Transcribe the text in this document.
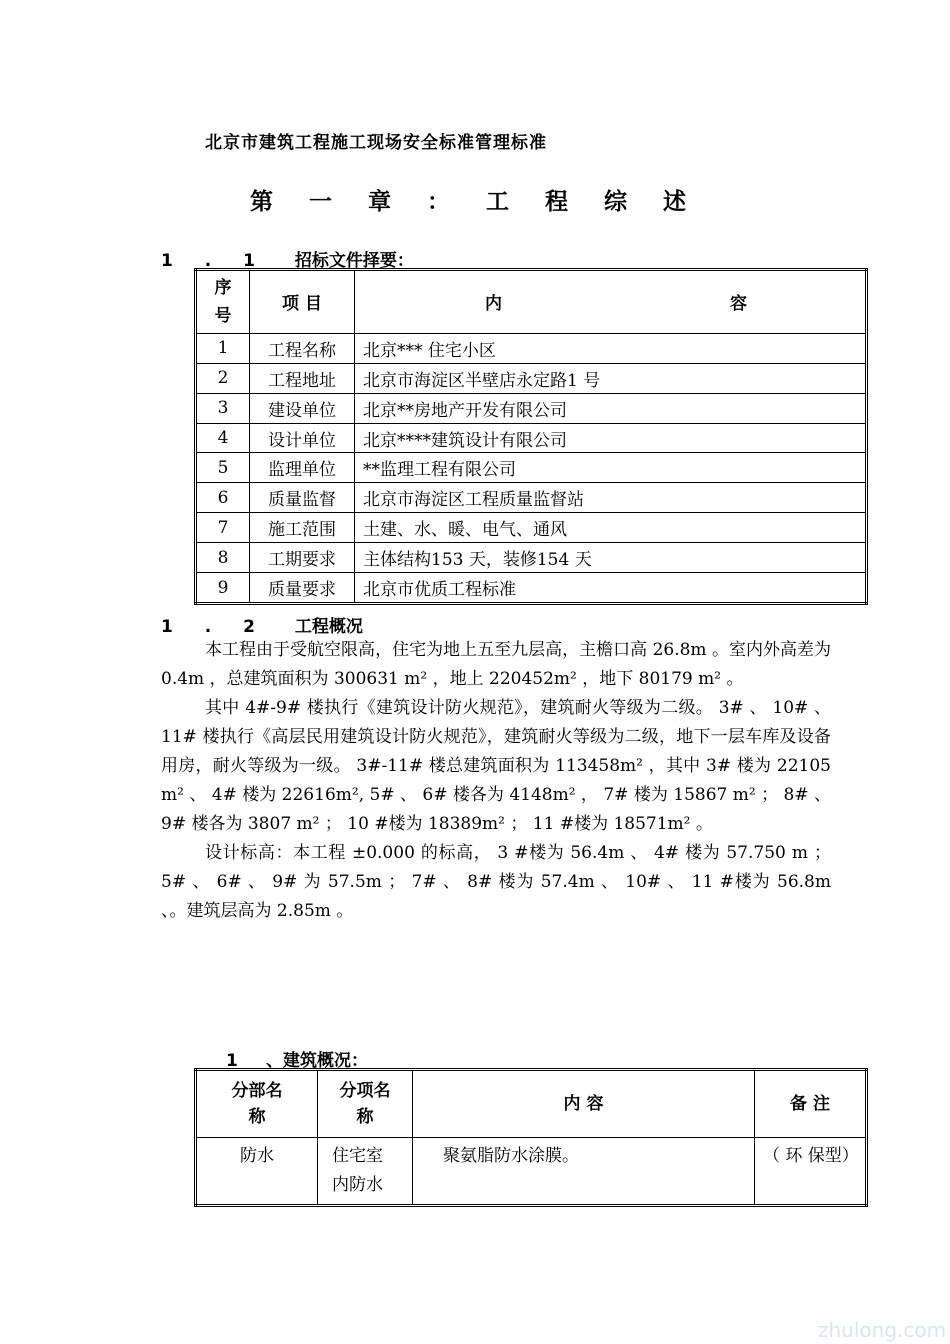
北京市建筑工程施工现场安全标准管理标准
第 一 章 ： 工 程 综 述
1 . 1 招标文件择要：
序号	项 目	内 容

1	工程名称	北京*** 住宅小区
2	工程地址	北京市海淀区半壁店永定路1 号
3	建设单位	北京**房地产开发有限公司
4	设计单位	北京****建筑设计有限公司
5	监理单位	**监理工程有限公司
6	质量监督	北京市海淀区工程质量监督站
7	施工范围	土建、水、暖、电气、通风
8	工期要求	主体结构153 天，装修154 天
9	质量要求	北京市优质工程标准
1 . 2 工程概况

本工程由于受航空限高，住宅为地上五至九层高，主檐口高 26.8m 。室内外高差为 0.4m ，总建筑面积为 300631 m² ，地上 220452m² ，地下 80179 m² 。

其中 4#-9# 楼执行《建筑设计防火规范》，建筑耐火等级为二级。 3# 、 10# 、 11# 楼执行《高层民用建筑设计防火规范》，建筑耐火等级为二级，地下一层车库及设备用房，耐火等级为一级。 3#-11# 楼总建筑面积为 113458m² ，其中 3# 楼为 22105 m² 、 4# 楼为 22616m², 5# 、 6# 楼各为 4148m² ， 7# 楼为 15867 m² ； 8# 、 9# 楼各为 3807 m² ； 10 #楼为 18389m² ； 11 #楼为 18571m² 。

设计标高：本工程 ±0.000 的标高， 3 #楼为 56.4m 、 4# 楼为 57.750 m ； 5# 、 6# 、 9# 为 57.5m ； 7# 、 8# 楼为 57.4m 、 10# 、 11 #楼为 56.8m 、。建筑层高为 2.85m 。

1 、建筑概况：
分部名称	分项名称	内 容	备 注
防水	住宅室内防水	聚氨脂防水涂膜。	（ 环 保型）
zhulong.com
